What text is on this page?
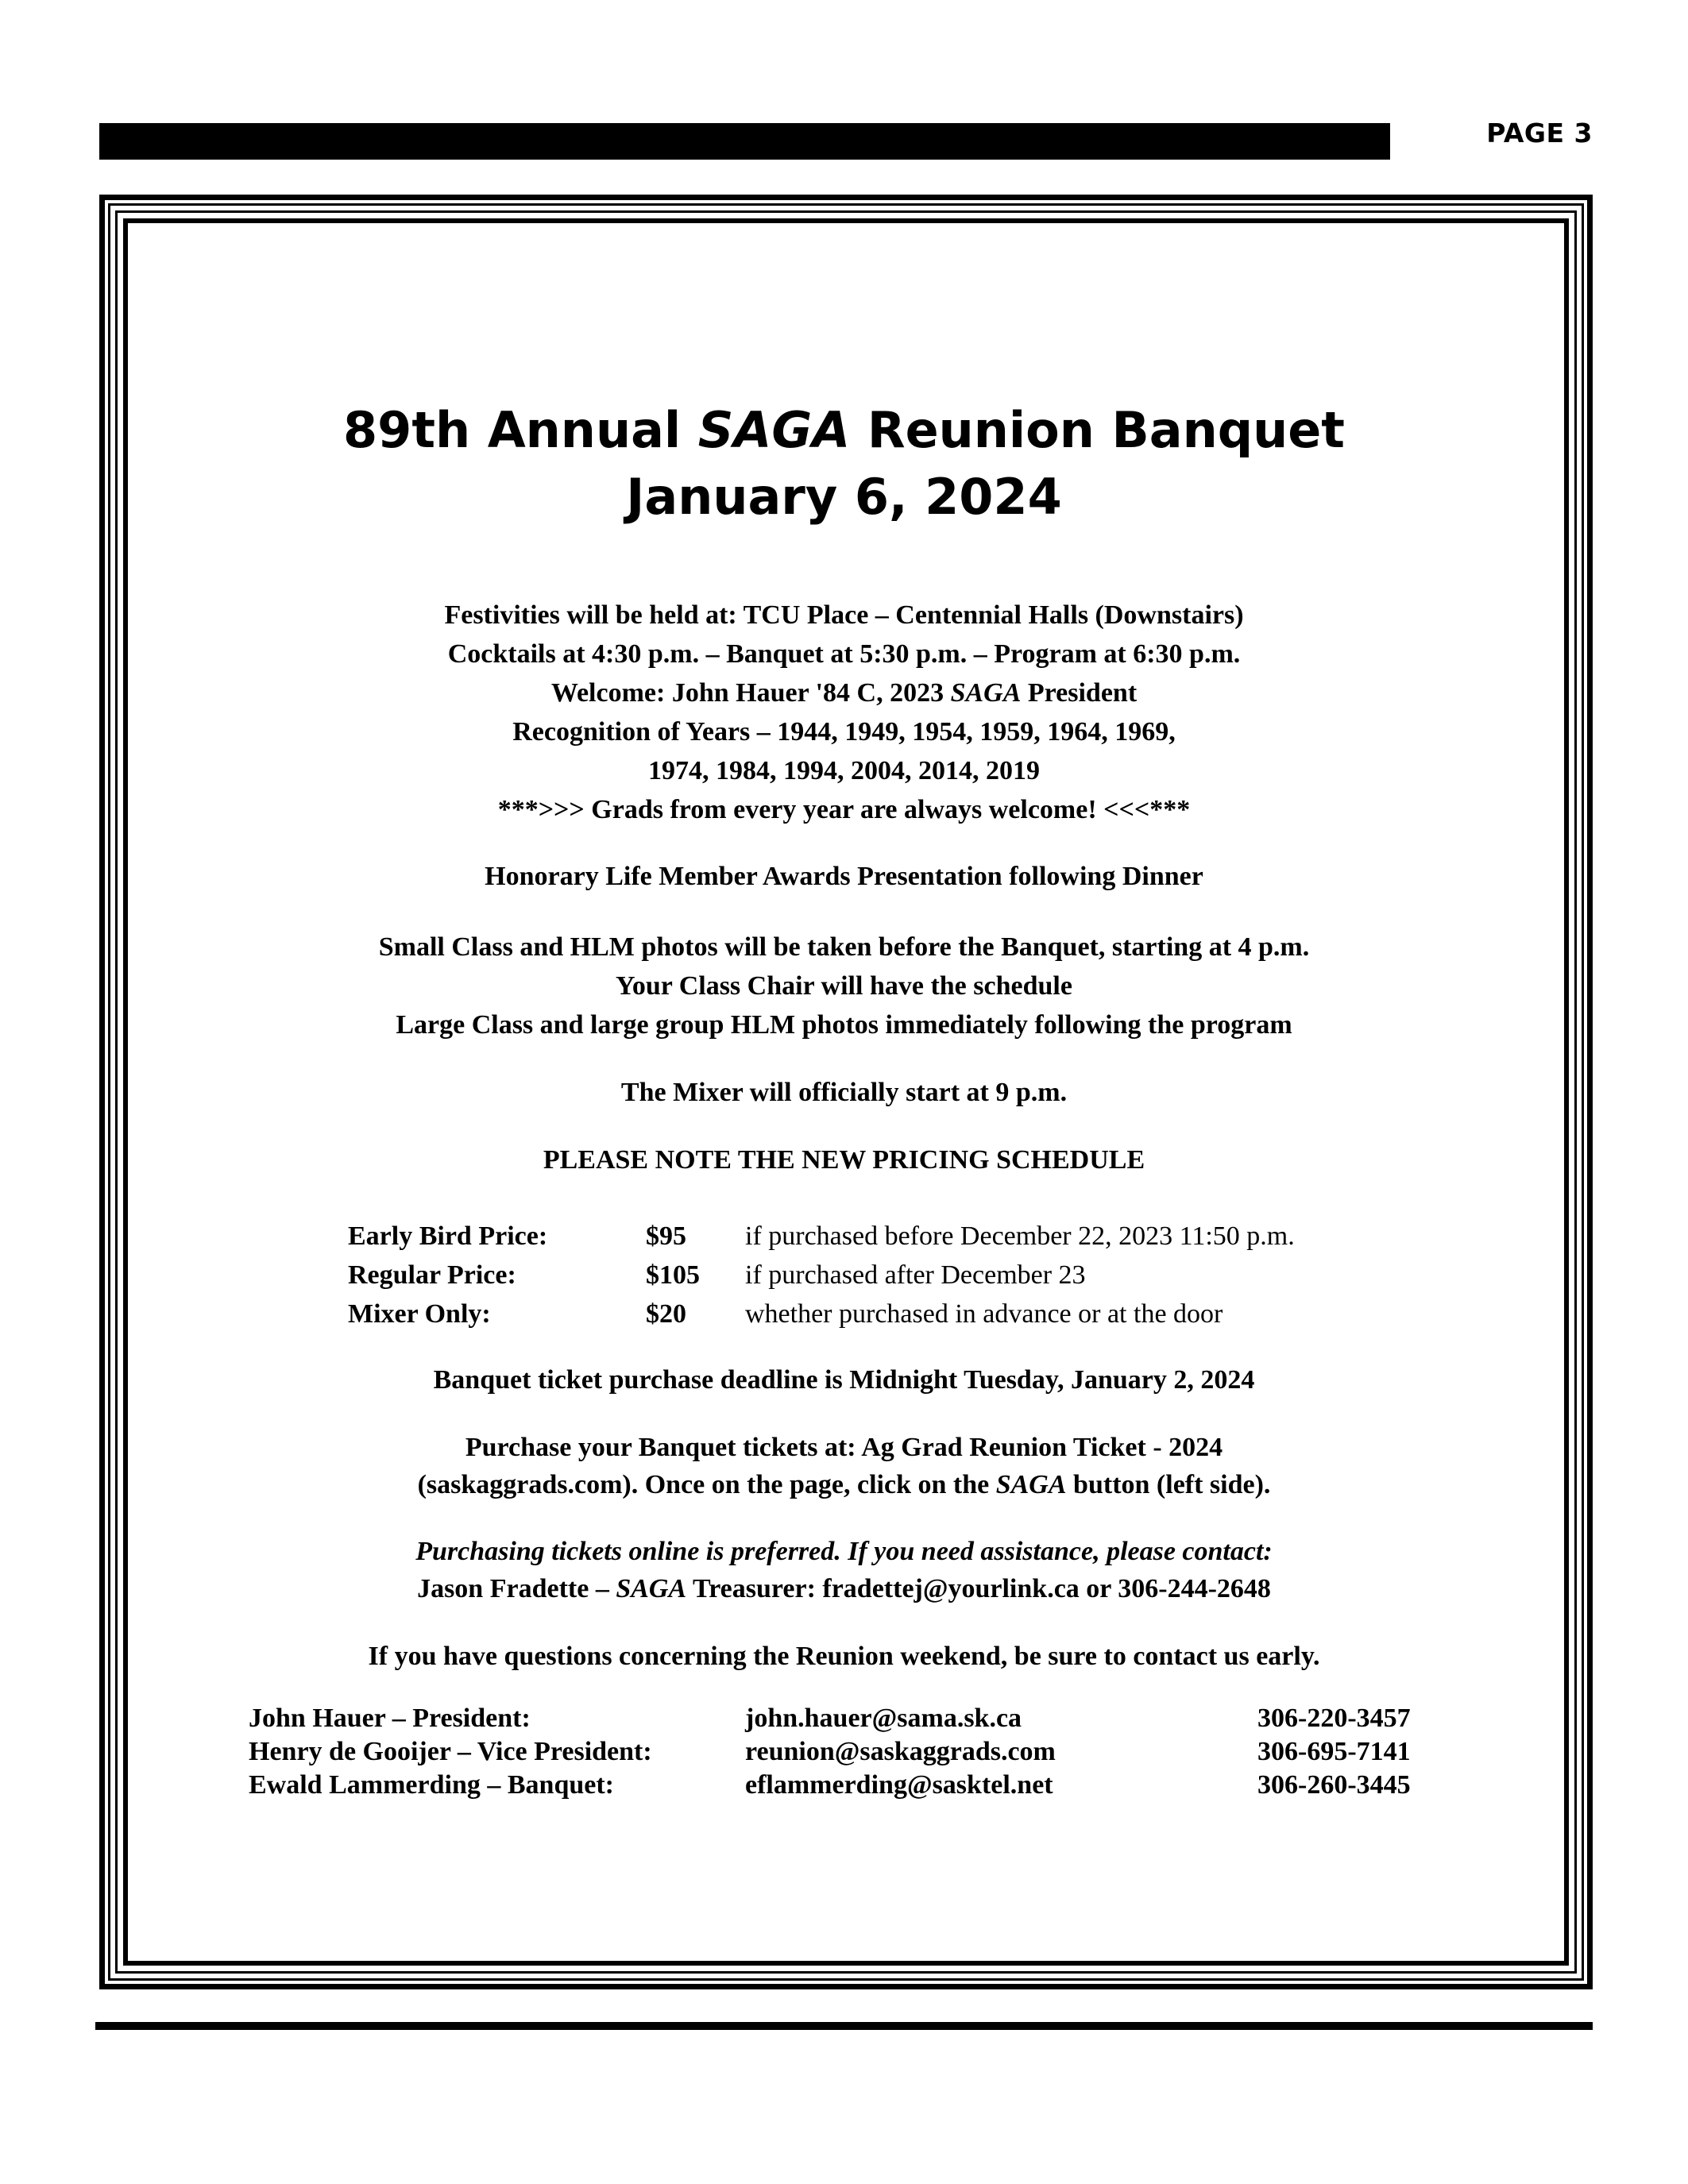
PAGE 3
89th Annual SAGA Reunion Banquet
January 6, 2024
Festivities will be held at: TCU Place – Centennial Halls (Downstairs)
Cocktails at 4:30 p.m. – Banquet at 5:30 p.m. – Program at 6:30 p.m.
Welcome: John Hauer '84 C, 2023 SAGA President
Recognition of Years – 1944, 1949, 1954, 1959, 1964, 1969,
1974, 1984, 1994, 2004, 2014, 2019
***>>> Grads from every year are always welcome! <<<***
Honorary Life Member Awards Presentation following Dinner
Small Class and HLM photos will be taken before the Banquet, starting at 4 p.m.
Your Class Chair will have the schedule
Large Class and large group HLM photos immediately following the program
The Mixer will officially start at 9 p.m.
PLEASE NOTE THE NEW PRICING SCHEDULE
Early Bird Price:	$95 if purchased before December 22, 2023 11:50 p.m.
Regular Price:	$105 if purchased after December 23
Mixer Only:	$20 whether purchased in advance or at the door
Banquet ticket purchase deadline is Midnight Tuesday, January 2, 2024
Purchase your Banquet tickets at: Ag Grad Reunion Ticket - 2024
(saskaggrads.com). Once on the page, click on the SAGA button (left side).
Purchasing tickets online is preferred. If you need assistance, please contact:
Jason Fradette – SAGA Treasurer: fradettej@yourlink.ca or 306-244-2648
If you have questions concerning the Reunion weekend, be sure to contact us early.
John Hauer – President:	john.hauer@sama.sk.ca	306-220-3457
Henry de Gooijer – Vice President:	reunion@saskaggrads.com	306-695-7141
Ewald Lammerding – Banquet:	eflammerding@sasktel.net	306-260-3445
